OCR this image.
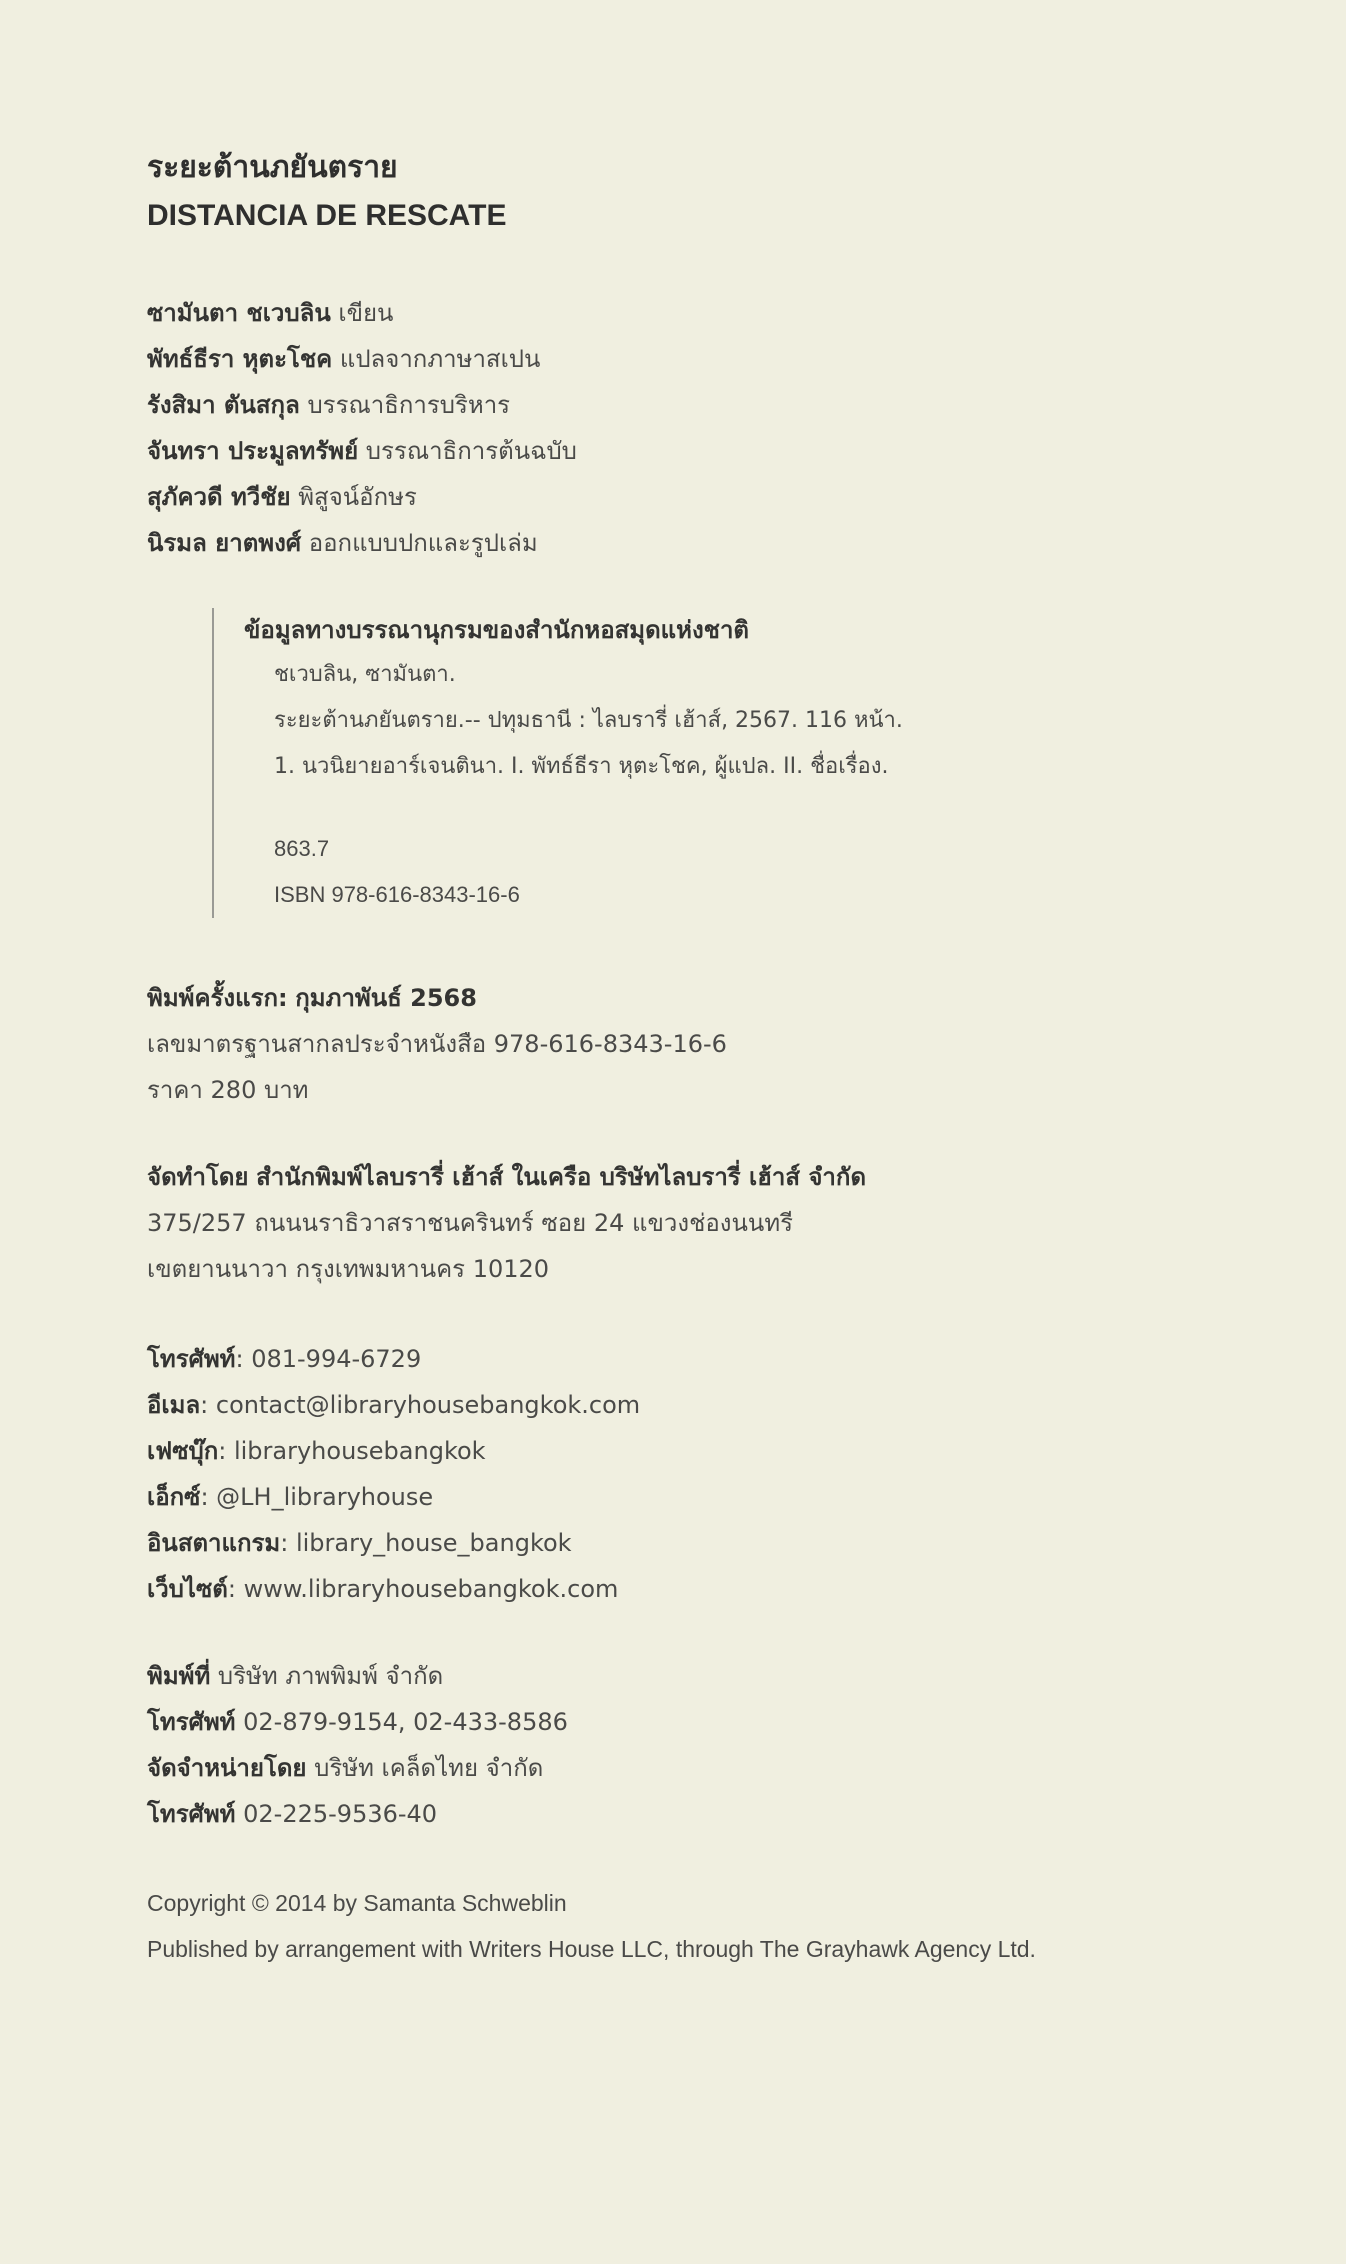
ระยะต้านภยันตราย
DISTANCIA DE RESCATE
ซามันตา ชเวบลิน เขียน
พัทธ์ธีรา หุตะโชค แปลจากภาษาสเปน
รังสิมา ตันสกุล บรรณาธิการบริหาร
จันทรา ประมูลทรัพย์ บรรณาธิการต้นฉบับ
สุภัควดี ทวีชัย พิสูจน์อักษร
นิรมล ยาตพงศ์ ออกแบบปกและรูปเล่ม
ข้อมูลทางบรรณานุกรมของสำนักหอสมุดแห่งชาติ
ชเวบลิน, ซามันตา.
ระยะต้านภยันตราย.-- ปทุมธานี : ไลบรารี่ เฮ้าส์, 2567. 116 หน้า.
1. นวนิยายอาร์เจนตินา. I. พัทธ์ธีรา หุตะโชค, ผู้แปล. II. ชื่อเรื่อง.
863.7
ISBN 978-616-8343-16-6
พิมพ์ครั้งแรก: กุมภาพันธ์ 2568
เลขมาตรฐานสากลประจำหนังสือ 978-616-8343-16-6
ราคา 280 บาท
จัดทำโดย สำนักพิมพ์ไลบรารี่ เฮ้าส์ ในเครือ บริษัทไลบรารี่ เฮ้าส์ จำกัด
375/257 ถนนนราธิวาสราชนครินทร์ ซอย 24 แขวงช่องนนทรี
เขตยานนาวา กรุงเทพมหานคร 10120
โทรศัพท์: 081-994-6729
อีเมล: contact@libraryhousebangkok.com
เฟซบุ๊ก: libraryhousebangkok
เอ็กซ์: @LH_libraryhouse
อินสตาแกรม: library_house_bangkok
เว็บไซต์: www.libraryhousebangkok.com
พิมพ์ที่ บริษัท ภาพพิมพ์ จำกัด
โทรศัพท์ 02-879-9154, 02-433-8586
จัดจำหน่ายโดย บริษัท เคล็ดไทย จำกัด
โทรศัพท์ 02-225-9536-40
Copyright © 2014 by Samanta Schweblin
Published by arrangement with Writers House LLC, through The Grayhawk Agency Ltd.
